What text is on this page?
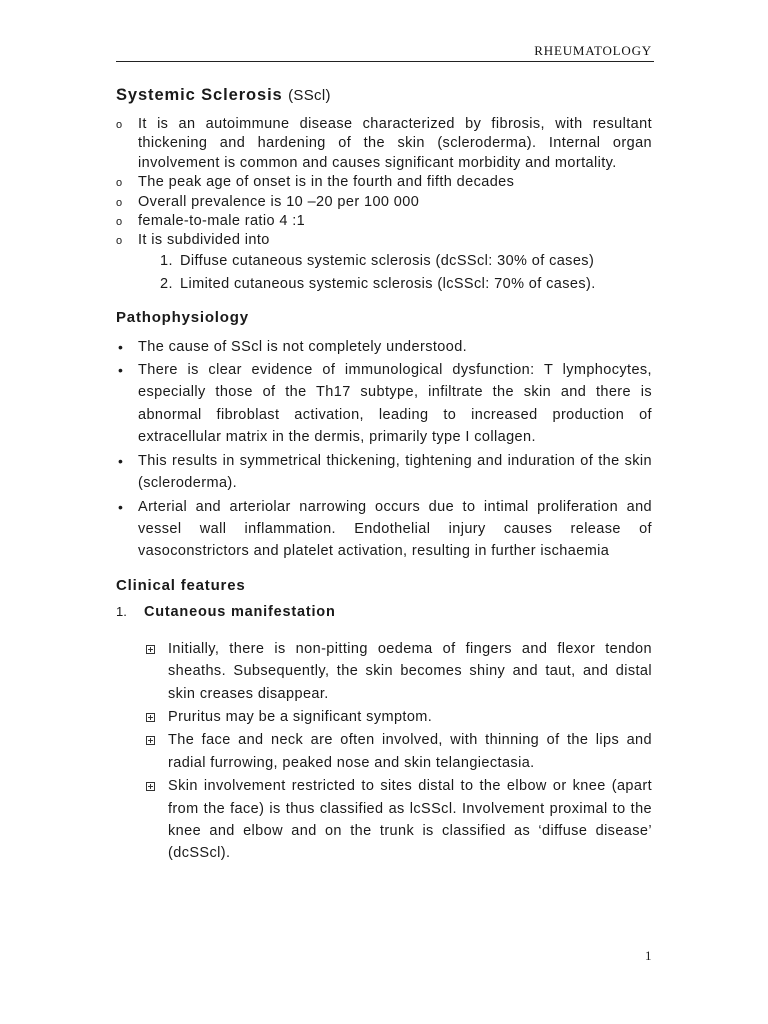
RHEUMATOLOGY
Systemic Sclerosis (SScl)
o It is an autoimmune disease characterized by fibrosis, with resultant thickening and hardening of the skin (scleroderma). Internal organ involvement is common and causes significant morbidity and mortality.
o The peak age of onset is in the fourth and fifth decades
o Overall prevalence is 10 –20 per 100 000
o female-to-male ratio 4 :1
o It is subdivided into
1. Diffuse cutaneous systemic sclerosis (dcSScl: 30% of cases)
2. Limited cutaneous systemic sclerosis (lcSScl: 70% of cases).
Pathophysiology
• The cause of SScl is not completely understood.
• There is clear evidence of immunological dysfunction: T lymphocytes, especially those of the Th17 subtype, infiltrate the skin and there is abnormal fibroblast activation, leading to increased production of extracellular matrix in the dermis, primarily type I collagen.
• This results in symmetrical thickening, tightening and induration of the skin (scleroderma).
• Arterial and arteriolar narrowing occurs due to intimal proliferation and vessel wall inflammation. Endothelial injury causes release of vasoconstrictors and platelet activation, resulting in further ischaemia
Clinical features
1. Cutaneous manifestation
Initially, there is non-pitting oedema of fingers and flexor tendon sheaths. Subsequently, the skin becomes shiny and taut, and distal skin creases disappear.
Pruritus may be a significant symptom.
The face and neck are often involved, with thinning of the lips and radial furrowing, peaked nose and skin telangiectasia.
Skin involvement restricted to sites distal to the elbow or knee (apart from the face) is thus classified as lcSScl. Involvement proximal to the knee and elbow and on the trunk is classified as ‘diffuse disease’ (dcSScl).
1
